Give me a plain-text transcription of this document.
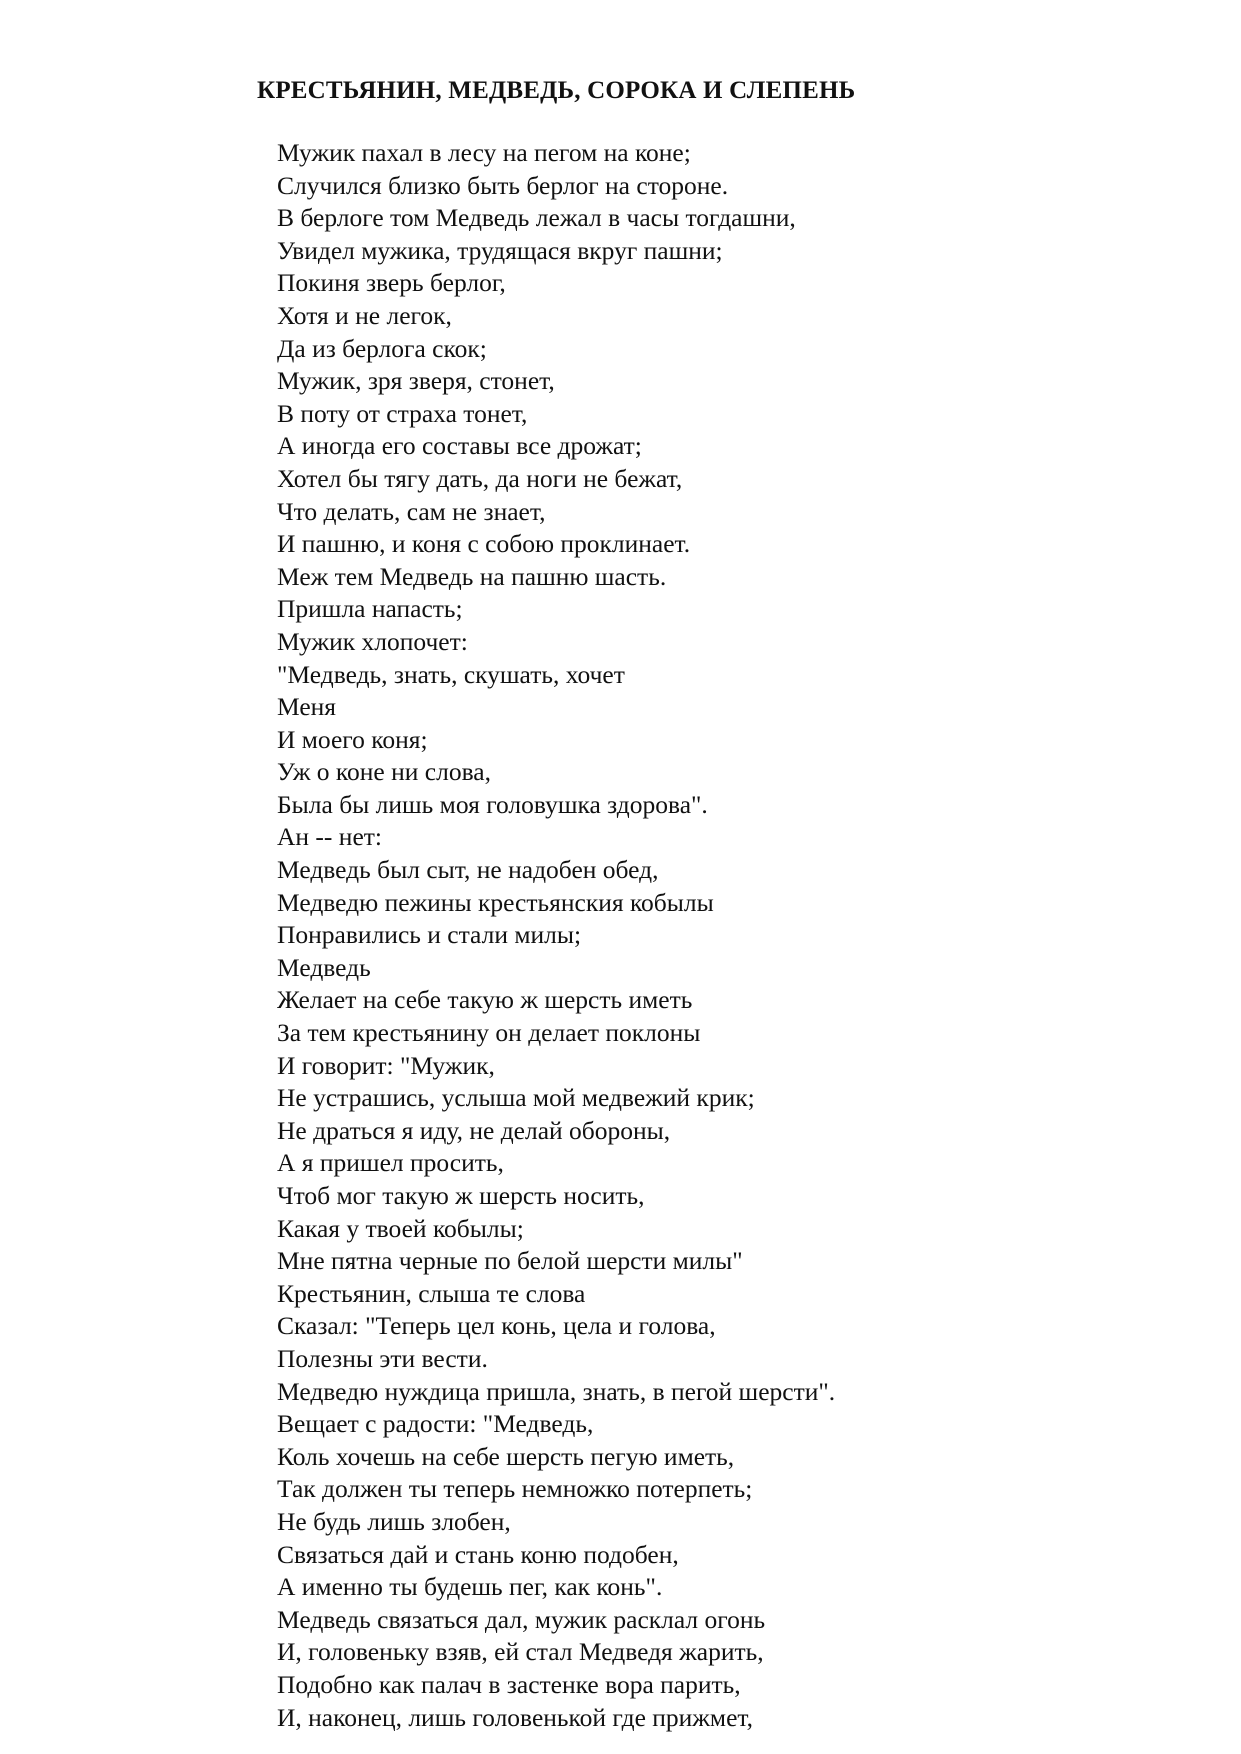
КРЕСТЬЯНИН, МЕДВЕДЬ, СОРОКА И СЛЕПЕНЬ
Мужик пахал в лесу на пегом на коне;
Случился близко быть берлог на стороне.
В берлоге том Медведь лежал в часы тогдашни,
Увидел мужика, трудящася вкруг пашни;
Покиня зверь берлог,
Хотя и не легок,
Да из берлога скок;
Мужик, зря зверя, стонет,
В поту от страха тонет,
А иногда его составы все дрожат;
Хотел бы тягу дать, да ноги не бежат,
Что делать, сам не знает,
И пашню, и коня с собою проклинает.
Меж тем Медведь на пашню шасть.
Пришла напасть;
Мужик хлопочет:
"Медведь, знать, скушать, хочет
Меня
И моего коня;
Уж о коне ни слова,
Была бы лишь моя головушка здорова".
Ан -- нет:
Медведь был сыт, не надобен обед,
Медведю пежины крестьянския кобылы
Понравились и стали милы;
Медведь
Желает на себе такую ж шерсть иметь
За тем крестьянину он делает поклоны
И говорит: "Мужик,
Не устрашись, услыша мой медвежий крик;
Не драться я иду, не делай обороны,
А я пришел просить,
Чтоб мог такую ж шерсть носить,
Какая у твоей кобылы;
Мне пятна черные по белой шерсти милы"
Крестьянин, слыша те слова
Сказал: "Теперь цел конь, цела и голова,
Полезны эти вести.
Медведю нуждица пришла, знать, в пегой шерсти".
Вещает с радости: "Медведь,
Коль хочешь на себе шерсть пегую иметь,
Так должен ты теперь немножко потерпеть;
Не будь лишь злобен,
Связаться дай и стань коню подобен,
А именно ты будешь пег, как конь".
Медведь связаться дал, мужик расклал огонь
И, головеньку взяв, ей стал Медведя жарить,
Подобно как палач в застенке вора парить,
И, наконец, лишь головенькой где прижмет,
